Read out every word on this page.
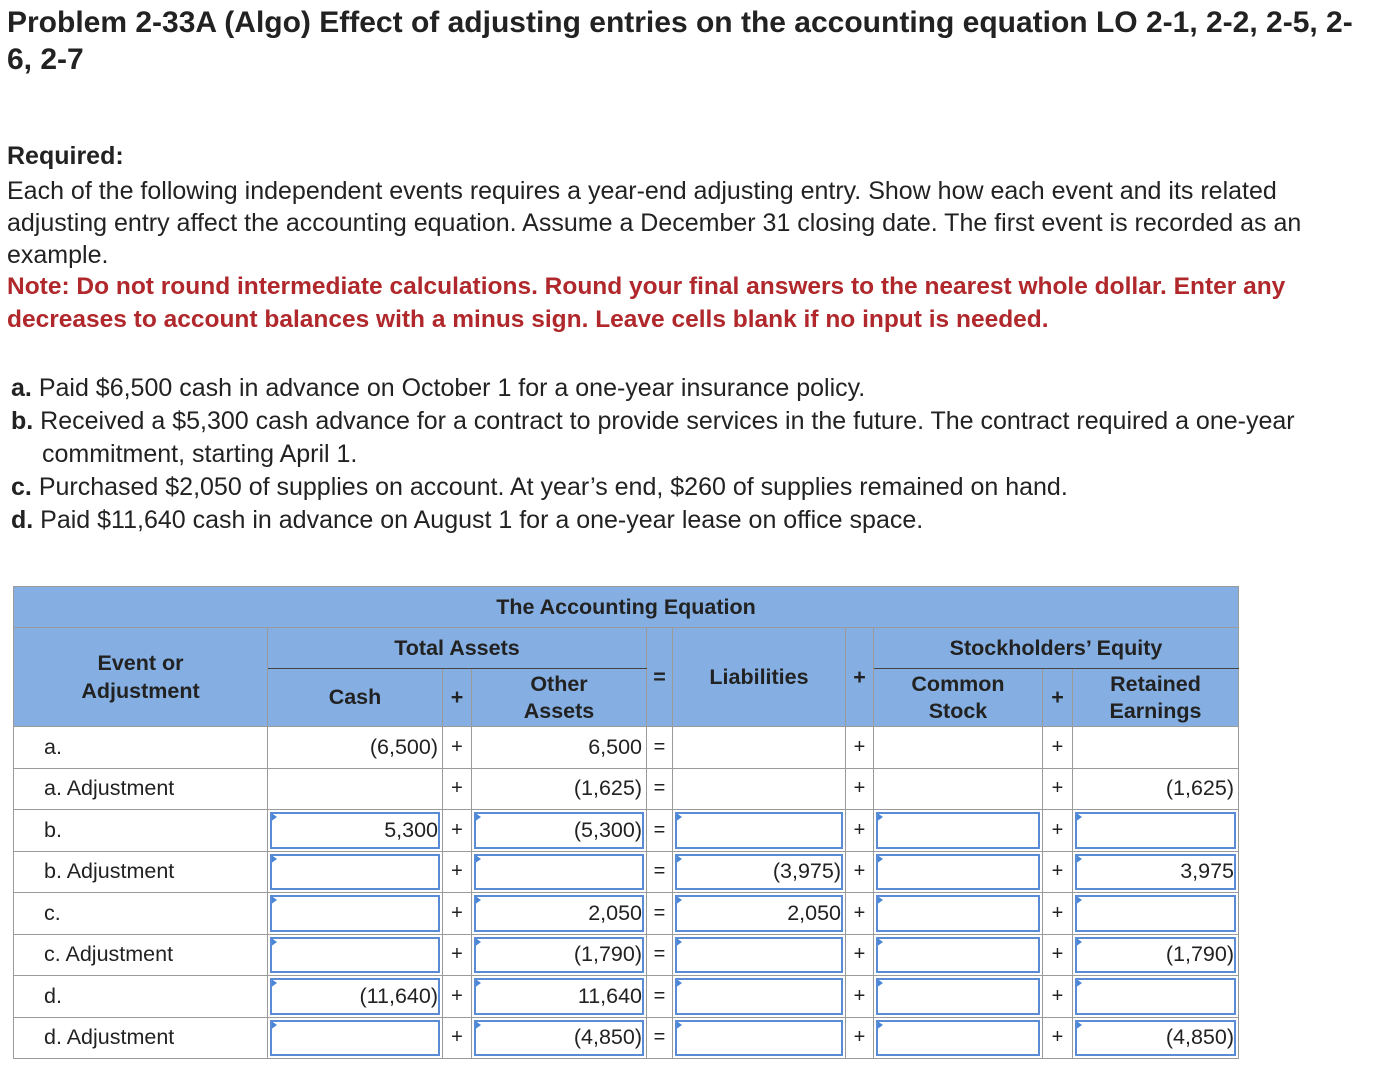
Problem 2-33A (Algo) Effect of adjusting entries on the accounting equation LO 2-1, 2-2, 2-5, 2-6, 2-7
Required:
Each of the following independent events requires a year-end adjusting entry. Show how each event and its related adjusting entry affect the accounting equation. Assume a December 31 closing date. The first event is recorded as an example.
Note: Do not round intermediate calculations. Round your final answers to the nearest whole dollar. Enter any decreases to account balances with a minus sign. Leave cells blank if no input is needed.
a. Paid $6,500 cash in advance on October 1 for a one-year insurance policy.
b. Received a $5,300 cash advance for a contract to provide services in the future. The contract required a one-year commitment, starting April 1.
c. Purchased $2,050 of supplies on account. At year’s end, $260 of supplies remained on hand.
d. Paid $11,640 cash in advance on August 1 for a one-year lease on office space.
The Accounting Equation									
Event or Adjustment	Total Assets			=	Liabilities	+	Stockholders’ Equity		
	Cash	+	Other Assets				Common Stock	+	Retained Earnings
a.	(6,500)	+	6,500	=		+		+	
a. Adjustment		+	(1,625)	=		+		+	(1,625)
b.	5,300	+	(5,300)	=		+		+	
b. Adjustment		+		=	(3,975)	+		+	3,975
c.		+	2,050	=	2,050	+		+	
c. Adjustment		+	(1,790)	=		+		+	(1,790)
d.	(11,640)	+	11,640	=		+		+	
d. Adjustment		+	(4,850)	=		+		+	(4,850)
